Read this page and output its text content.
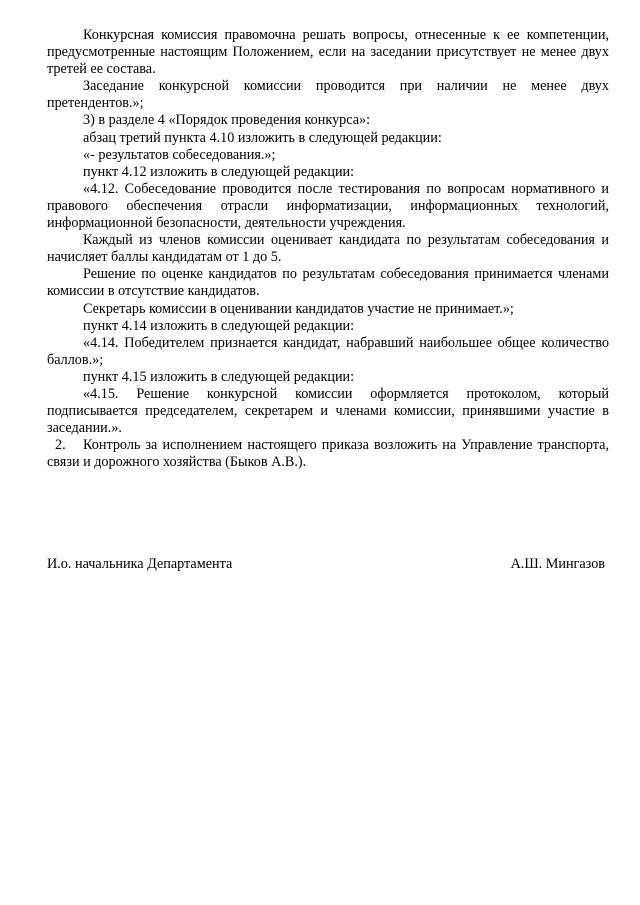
Конкурсная комиссия правомочна решать вопросы, отнесенные к ее компетенции, предусмотренные настоящим Положением, если на заседании присутствует не менее двух третей ее состава.

Заседание конкурсной комиссии проводится при наличии не менее двух претендентов.»;

3) в разделе 4 «Порядок проведения конкурса»:

абзац третий пункта 4.10 изложить в следующей редакции:

«- результатов собеседования.»;

пункт 4.12 изложить в следующей редакции:

«4.12. Собеседование проводится после тестирования по вопросам нормативного и правового обеспечения отрасли информатизации, информационных технологий, информационной безопасности, деятельности учреждения.

Каждый из членов комиссии оценивает кандидата по результатам собеседования и начисляет баллы кандидатам от 1 до 5.

Решение по оценке кандидатов по результатам собеседования принимается членами комиссии в отсутствие кандидатов.

Секретарь комиссии в оценивании кандидатов участие не принимает.»;

пункт 4.14 изложить в следующей редакции:

«4.14. Победителем признается кандидат, набравший наибольшее общее количество баллов.»;

пункт 4.15 изложить в следующей редакции:

«4.15. Решение конкурсной комиссии оформляется протоколом, который подписывается председателем, секретарем и членами комиссии, принявшими участие в заседании.».

2. Контроль за исполнением настоящего приказа возложить на Управление транспорта, связи и дорожного хозяйства (Быков А.В.).

И.о. начальника Департамента	А.Ш. Мингазов
